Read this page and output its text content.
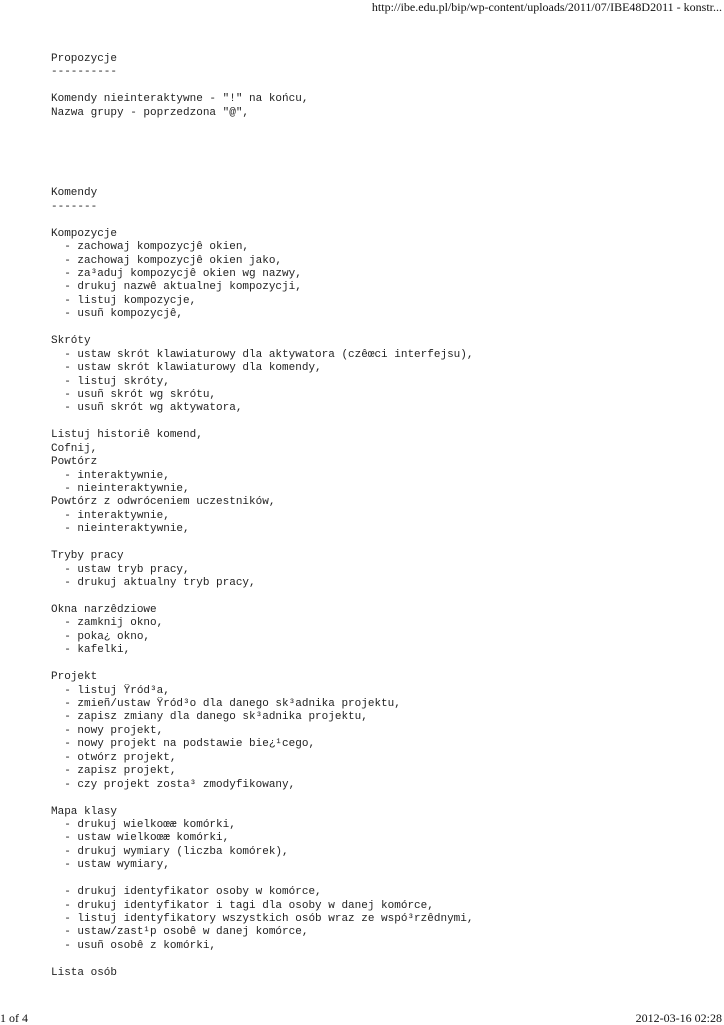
http://ibe.edu.pl/bip/wp-content/uploads/2011/07/IBE48D2011 - konstr...
Propozycje
----------
Komendy nieinteraktywne - "!" na końcu,
Nazwa grupy - poprzedzona "@",
Komendy
-------
Kompozycje
- zachowaj kompozycjê okien,
- zachowaj kompozycjê okien jako,
- za³aduj kompozycjê okien wg nazwy,
- drukuj nazwê aktualnej kompozycji,
- listuj kompozycje,
- usuñ kompozycjê,
Skróty
- ustaw skrót klawiaturowy dla aktywatora (czêœci interfejsu),
- ustaw skrót klawiaturowy dla komendy,
- listuj skróty,
- usuñ skrót wg skrótu,
- usuñ skrót wg aktywatora,
Listuj historiê komend,
Cofnij,
Powtórz
- interaktywnie,
- nieinteraktywnie,
Powtórz z odwróceniem uczestników,
- interaktywnie,
- nieinteraktywnie,
Tryby pracy
- ustaw tryb pracy,
- drukuj aktualny tryb pracy,
Okna narzêdziowe
- zamknij okno,
- poka¿ okno,
- kafelki,
Projekt
- listuj Ÿród³a,
- zmieñ/ustaw Ÿród³o dla danego sk³adnika projektu,
- zapisz zmiany dla danego sk³adnika projektu,
- nowy projekt,
- nowy projekt na podstawie bie¿¹cego,
- otwórz projekt,
- zapisz projekt,
- czy projekt zosta³ zmodyfikowany,
Mapa klasy
- drukuj wielkoœæ komórki,
- ustaw wielkoœæ komórki,
- drukuj wymiary (liczba komórek),
- ustaw wymiary,
- drukuj identyfikator osoby w komórce,
- drukuj identyfikator i tagi dla osoby w danej komórce,
- listuj identyfikatory wszystkich osób wraz ze wspó³rzêdnymi,
- ustaw/zast¹p osobê w danej komórce,
- usuñ osobê z komórki,
Lista osób
1 of 4	2012-03-16 02:28
